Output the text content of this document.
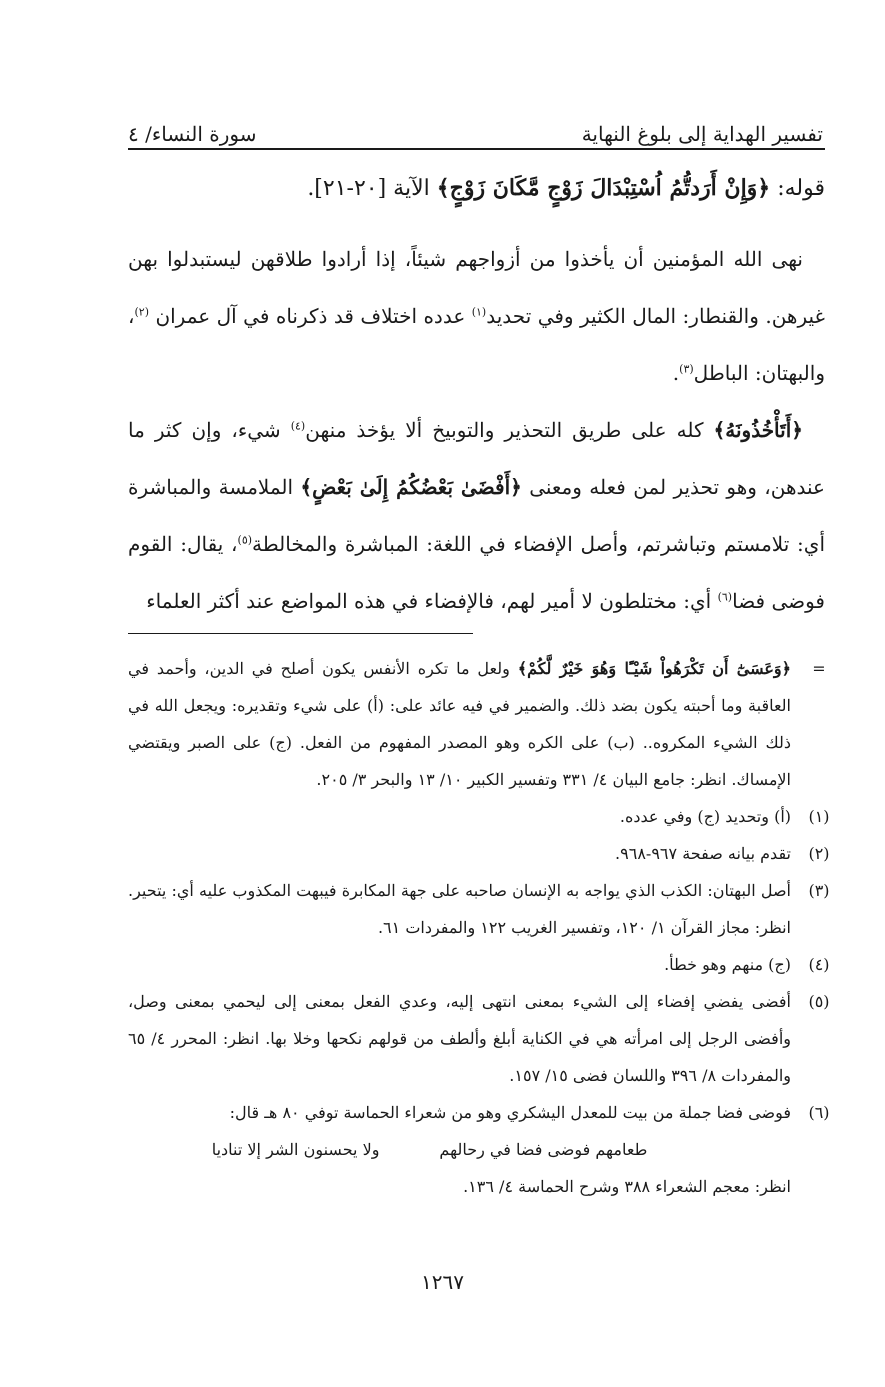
تفسير الهداية إلى بلوغ النهاية
سورة النساء/ ٤

قوله: ﴿وَإِنْ أَرَدتُّمُ اُسْتِبْدَالَ زَوْجٍ مَّكَانَ زَوْجٍ﴾ الآية [٢٠-٢١].

نهى الله المؤمنين أن يأخذوا من أزواجهم شيئاً، إذا أرادوا طلاقهن ليستبدلوا بهن غيرهن. والقنطار: المال الكثير وفي تحديد$^{(١)}$ عدده اختلاف قد ذكرناه في آل عمران $^{(٢)}$، والبهتان: الباطل$^{(٣)}$.

﴿أَتَأْخُذُونَهُ﴾ كله على طريق التحذير والتوبيخ ألا يؤخذ منهن$^{(٤)}$ شيء، وإن كثر ما عندهن، وهو تحذير لمن فعله ومعنى ﴿أَفْضَىٰ بَعْضُكُمُ إِلَىٰ بَعْضٍ﴾ الملامسة والمباشرة أي: تلامستم وتباشرتم، وأصل الإفضاء في اللغة: المباشرة والمخالطة$^{(٥)}$، يقال: القوم فوضى فضا$^{(٦)}$ أي: مختلطون لا أمير لهم، فالإفضاء في هذه المواضع عند أكثر العلماء

=
﴿وَعَسَىٰٓ أَن تَكْرَهُواْ شَيْـًٔا وَهُوَ خَيْرٌ لَّكُمْ﴾ ولعل ما تكره الأنفس يكون أصلح في الدين، وأحمد في العاقبة وما أحبته يكون بضد ذلك. والضمير في فيه عائد على: (أ) على شيء وتقديره: ويجعل الله في ذلك الشيء المكروه.. (ب) على الكره وهو المصدر المفهوم من الفعل. (ج) على الصبر ويقتضي الإمساك. انظر: جامع البيان ٤/ ٣٣١ وتفسير الكبير ١٠/ ١٣ والبحر ٣/ ٢٠٥.
(١)
(أ) وتحديد (ج) وفي عدده.
(٢)
تقدم بيانه صفحة ٩٦٧-٩٦٨.
(٣)
أصل البهتان: الكذب الذي يواجه به الإنسان صاحبه على جهة المكابرة فيبهت المكذوب عليه أي: يتحير. انظر: مجاز القرآن ١/ ١٢٠، وتفسير الغريب ١٢٢ والمفردات ٦١.
(٤)
(ج) منهم وهو خطأ.
(٥)
أفضى يفضي إفضاء إلى الشيء بمعنى انتهى إليه، وعدي الفعل بمعنى إلى ليحمي بمعنى وصل، وأفضى الرجل إلى امرأته هي في الكناية أبلغ وألطف من قولهم نكحها وخلا بها. انظر: المحرر ٤/ ٦٥ والمفردات ٨/ ٣٩٦ واللسان فضى ١٥/ ١٥٧.
(٦)
فوضى فضا جملة من بيت للمعدل اليشكري وهو من شعراء الحماسة توفي ٨٠ هـ قال:
طعامهم فوضى فضا في رحالهم
ولا يحسنون الشر إلا تناديا
انظر: معجم الشعراء ٣٨٨ وشرح الحماسة ٤/ ١٣٦.
١٢٦٧
